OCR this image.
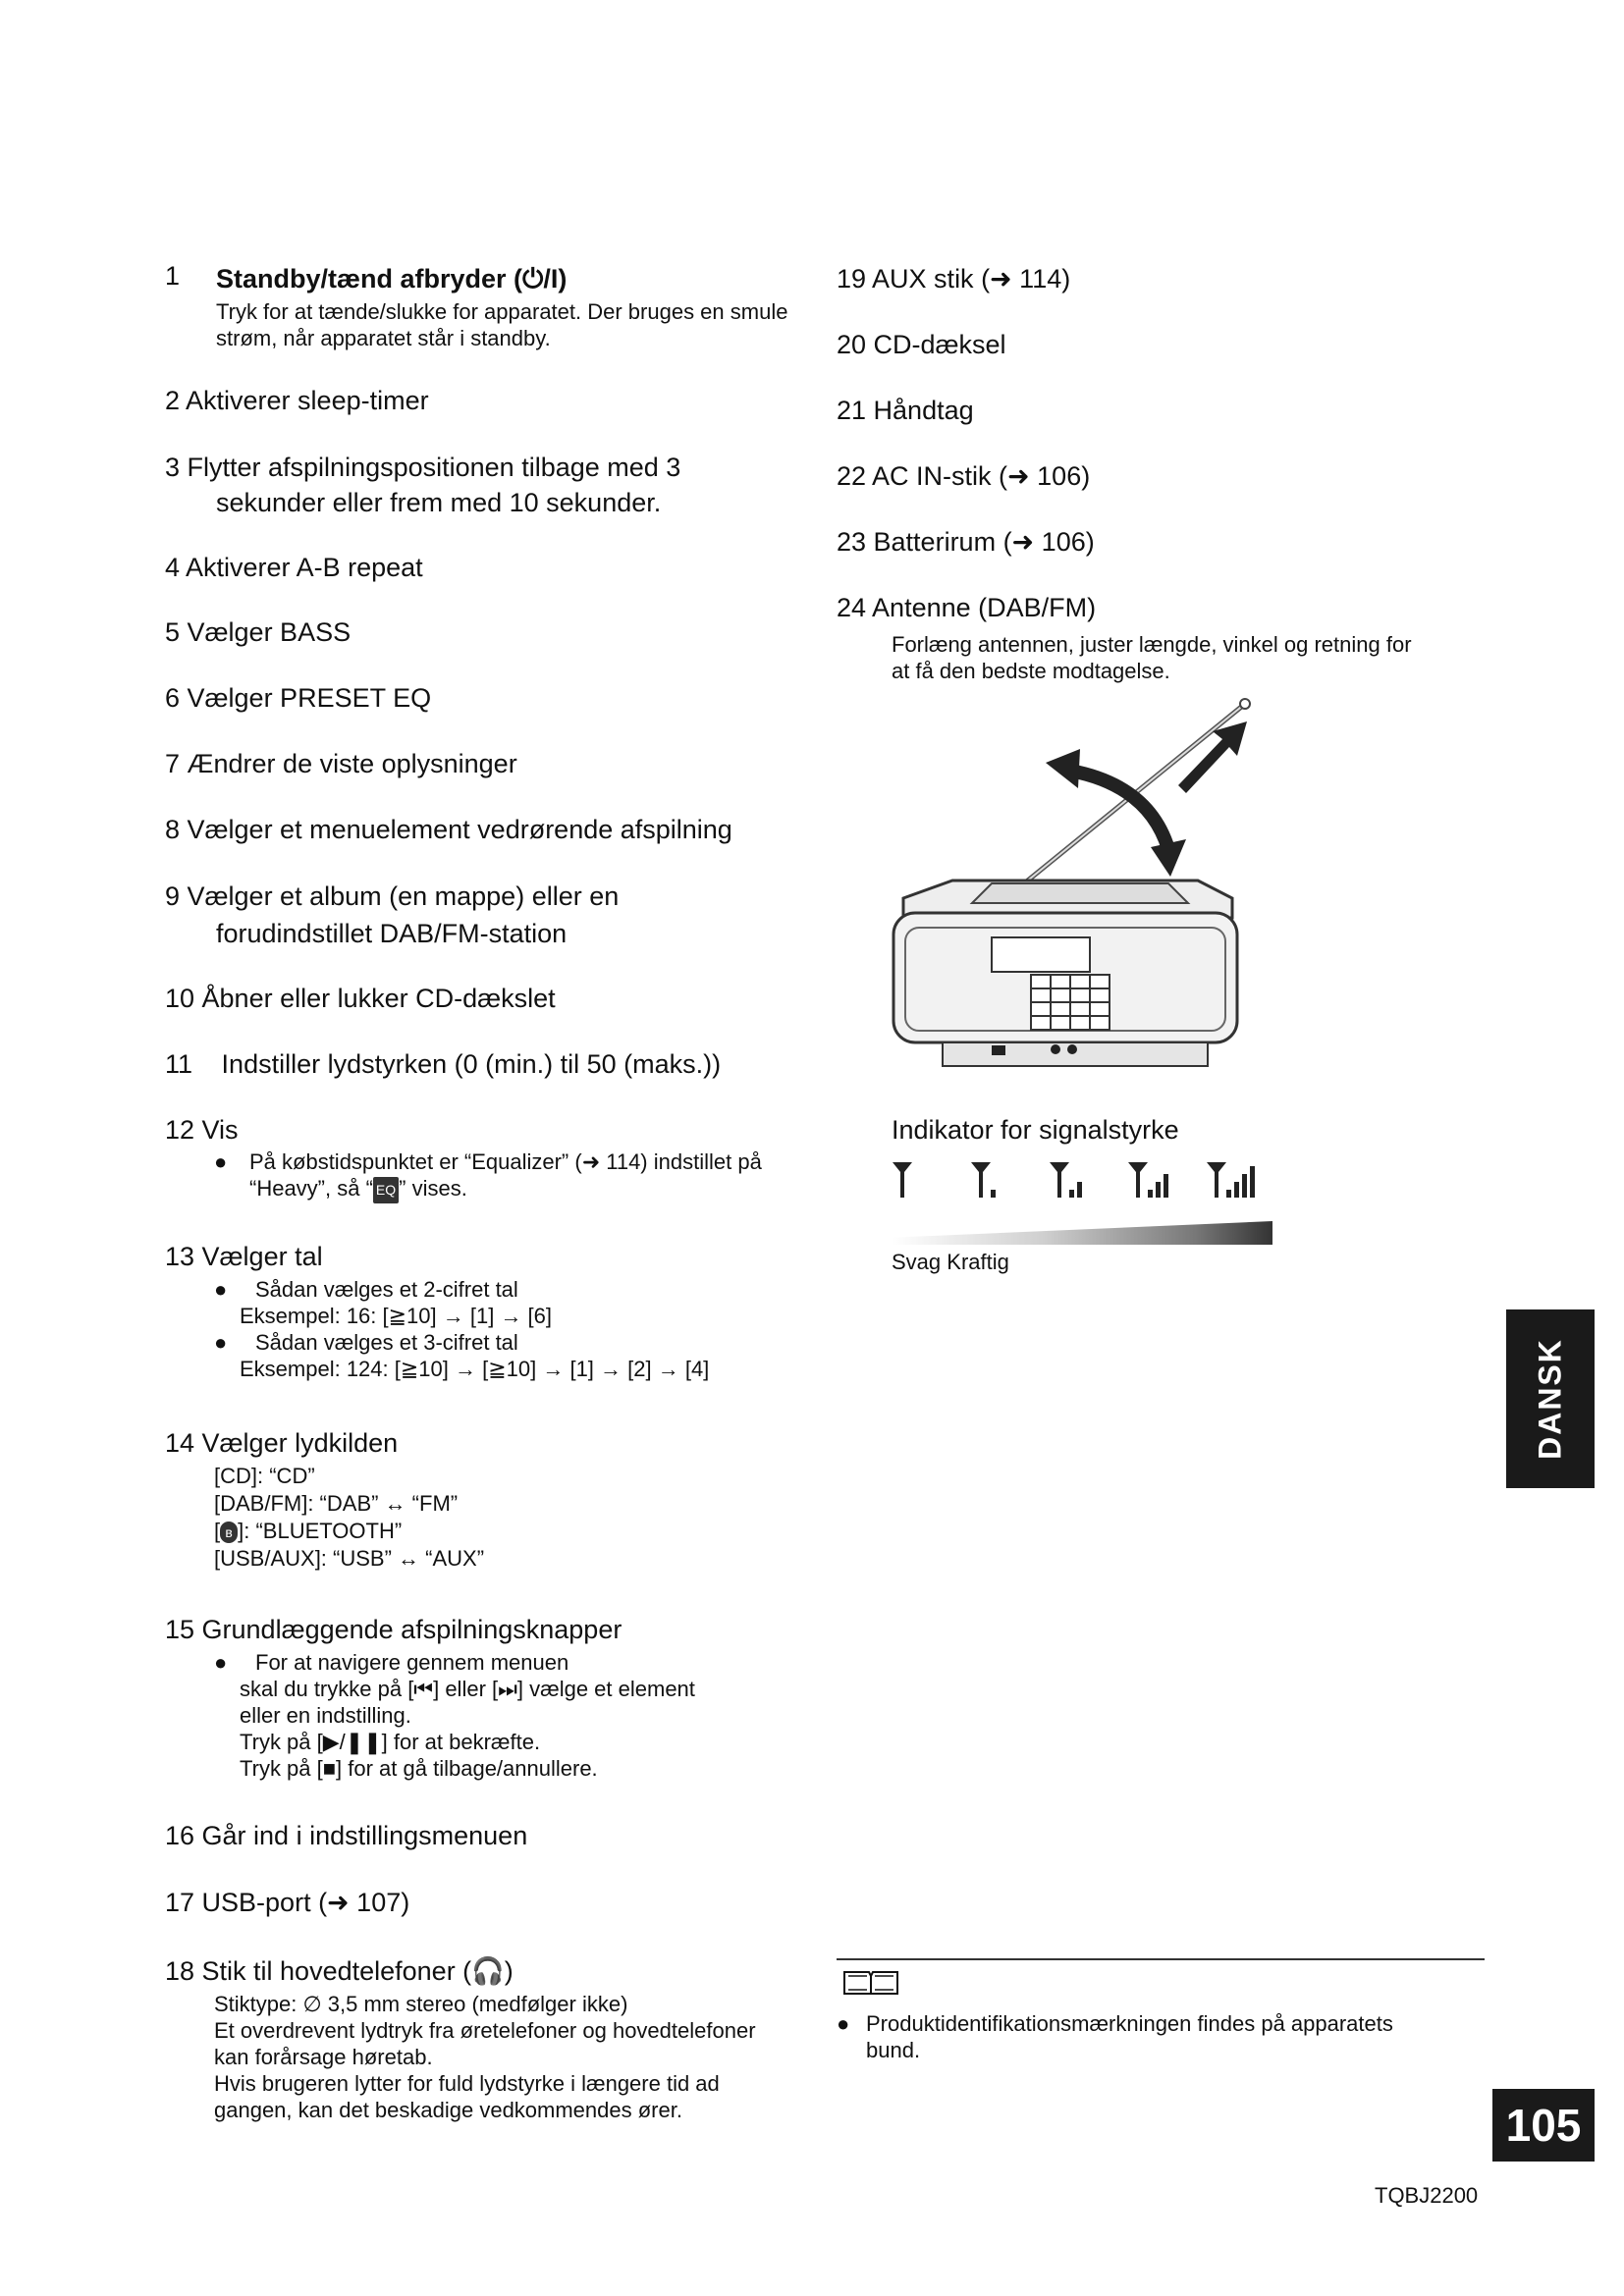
1 Standby/tænd afbryder (⏻/I)
Tryk for at tænde/slukke for apparatet. Der bruges en smule strøm, når apparatet står i standby.
2 Aktiverer sleep-timer
3 Flytter afspilningspositionen tilbage med 3
sekunder eller frem med 10 sekunder.
4 Aktiverer A-B repeat
5 Vælger BASS
6 Vælger PRESET EQ
7 Ændrer de viste oplysninger
8 Vælger et menuelement vedrørende afspilning
9 Vælger et album (en mappe) eller en
forudindstillet DAB/FM-station
10 Åbner eller lukker CD-dækslet
11 Indstiller lydstyrken (0 (min.) til 50 (maks.))
12 Vis
●	På købstidspunktet er “Equalizer” (➜ 114) indstillet på
“Heavy”, så “ EQ ” vises.
13 Vælger tal
●	Sådan vælges et 2-cifret tal
Eksempel: 16: [≧10] → [1] → [6]
●	Sådan vælges et 3-cifret tal
Eksempel: 124: [≧10] → [≧10] → [1] → [2] → [4]
14 Vælger lydkilden
[CD]: “CD”
[DAB/FM]: “DAB” ↔ “FM”
[ ʙ ]: “BLUETOOTH”
[USB/AUX]: “USB” ↔ “AUX”
15 Grundlæggende afspilningsknapper
●	For at navigere gennem menuen
skal du trykke på [⏮] eller [⏭] vælge et element
eller en indstilling.
Tryk på [▶/❚❚] for at bekræfte.
Tryk på [■] for at gå tilbage/annullere.
16 Går ind i indstillingsmenuen
17 USB-port (➜ 107)
18 Stik til hovedtelefoner (🎧)
Stiktype: ∅ 3,5 mm stereo (medfølger ikke)
Et overdrevent lydtryk fra øretelefoner og hovedtelefoner
kan forårsage høretab.
Hvis brugeren lytter for fuld lydstyrke i længere tid ad
gangen, kan det beskadige vedkommendes ører.
19 AUX stik (➜ 114)
20 CD-dæksel
21 Håndtag
22 AC IN-stik (➜ 106)
23 Batterirum (➜ 106)
24 Antenne (DAB/FM)
Forlæng antennen, juster længde, vinkel og retning for
at få den bedste modtagelse.
Indikator for signalstyrke
Svag Kraftig
DANSK
● Produktidentifikationsmærkningen findes på apparatets
bund.
105
TQBJ2200
